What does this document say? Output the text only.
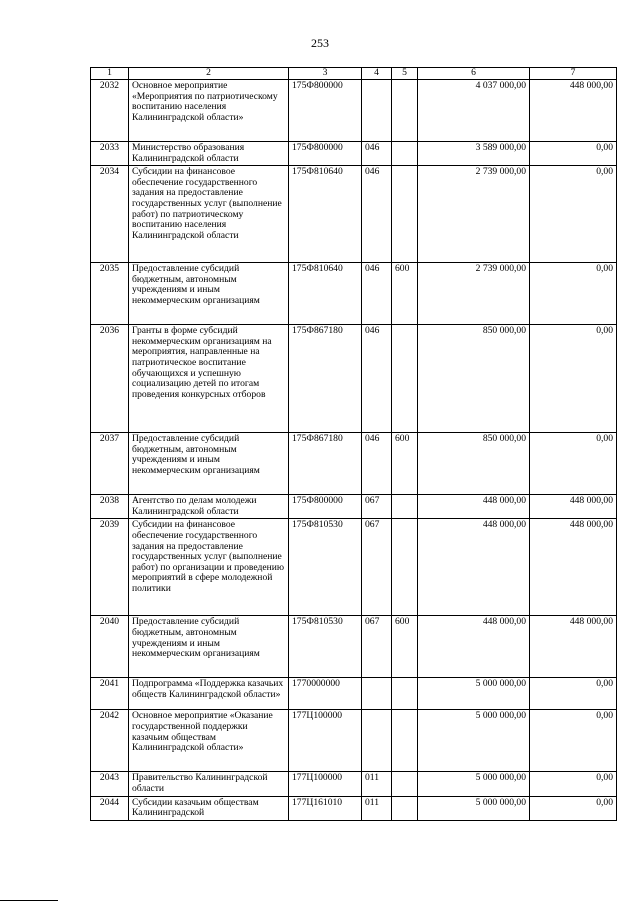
253
1	2	3	4	5	6	7
2032	Основное мероприятие «Мероприятия по патриотическому воспитанию населения Калининградской области»	175Ф800000			4 037 000,00	448 000,00
2033	Министерство образования Калининградской области	175Ф800000	046		3 589 000,00	0,00
2034	Субсидии на финансовое обеспечение государственного задания на предоставление государственных услуг (выполнение работ) по патриотическому воспитанию населения Калининградской области	175Ф810640	046		2 739 000,00	0,00
2035	Предоставление субсидий бюджетным, автономным учреждениям и иным некоммерческим организациям	175Ф810640	046	600	2 739 000,00	0,00
2036	Гранты в форме субсидий некоммерческим организациям на мероприятия, направленные на патриотическое воспитание обучающихся и успешную социализацию детей по итогам проведения конкурсных отборов	175Ф867180	046		850 000,00	0,00
2037	Предоставление субсидий бюджетным, автономным учреждениям и иным некоммерческим организациям	175Ф867180	046	600	850 000,00	0,00
2038	Агентство по делам молодежи Калининградской области	175Ф800000	067		448 000,00	448 000,00
2039	Субсидии на финансовое обеспечение государственного задания на предоставление государственных услуг (выполнение работ) по организации и проведению мероприятий в сфере молодежной политики	175Ф810530	067		448 000,00	448 000,00
2040	Предоставление субсидий бюджетным, автономным учреждениям и иным некоммерческим организациям	175Ф810530	067	600	448 000,00	448 000,00
2041	Подпрограмма «Поддержка казачьих обществ Калининградской области»	1770000000			5 000 000,00	0,00
2042	Основное мероприятие «Оказание государственной поддержки казачьим обществам Калининградской области»	177Ц100000			5 000 000,00	0,00
2043	Правительство Калининградской области	177Ц100000	011		5 000 000,00	0,00
2044	Субсидии казачьим обществам Калининградской	177Ц161010	011		5 000 000,00	0,00
